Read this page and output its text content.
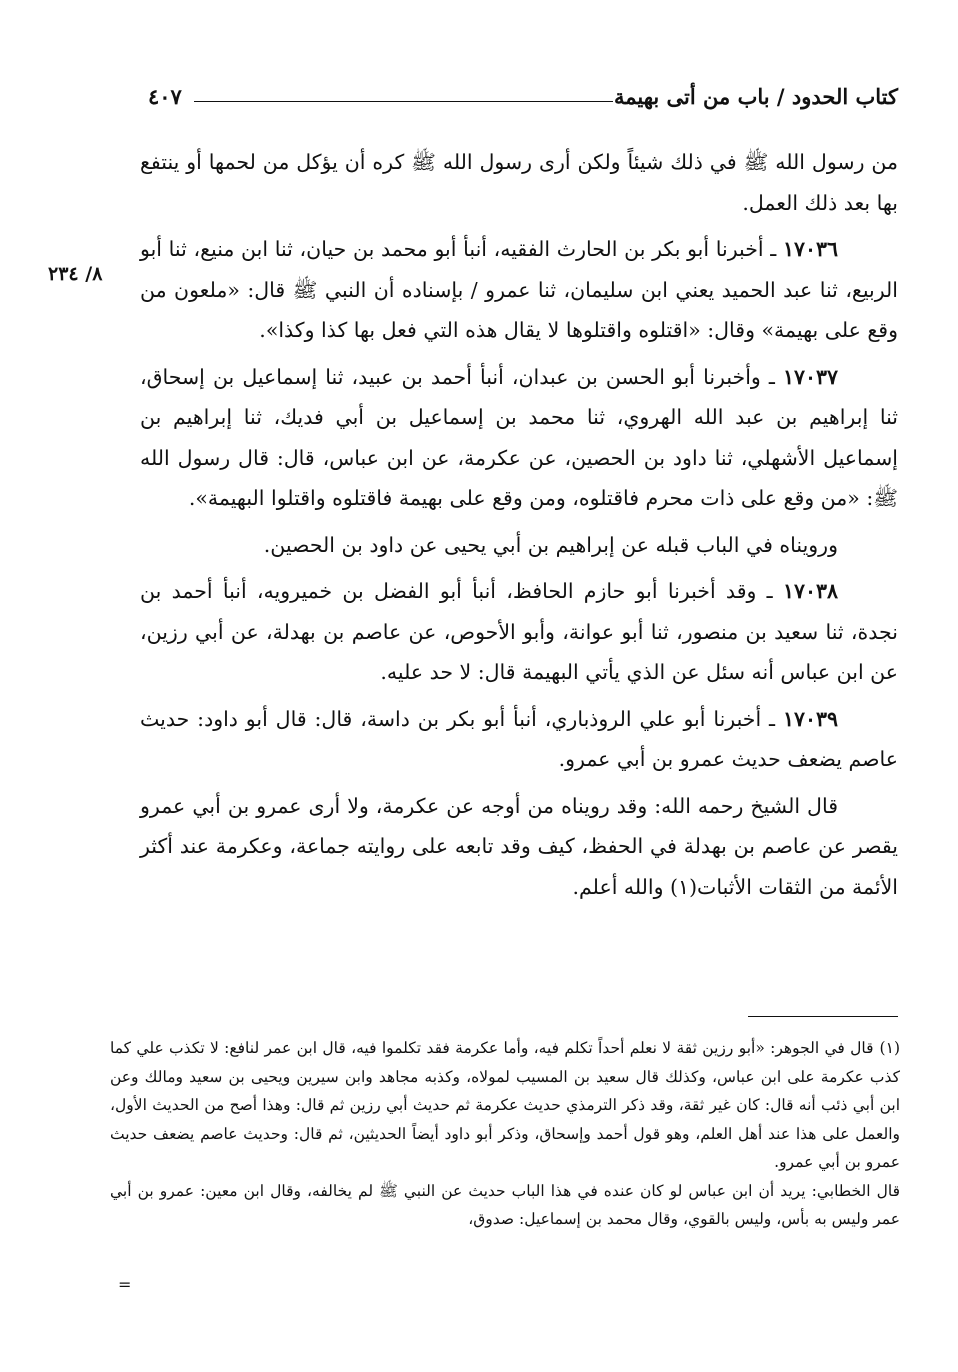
كتاب الحدود / باب من أتى بهيمة
٤٠٧
٨/ ٢٣٤

من رسول الله ﷺ في ذلك شيئاً ولكن أرى رسول الله ﷺ كره أن يؤكل من لحمها أو ينتفع بها بعد ذلك العمل.

١٧٠٣٦ ـ أخبرنا أبو بكر بن الحارث الفقيه، أنبأ أبو محمد بن حيان، ثنا ابن منيع، ثنا أبو الربيع، ثنا عبد الحميد يعني ابن سليمان، ثنا عمرو / بإسناده أن النبي ﷺ قال: «ملعون من وقع على بهيمة» وقال: «اقتلوه واقتلوها لا يقال هذه التي فعل بها كذا وكذا».

١٧٠٣٧ ـ وأخبرنا أبو الحسن بن عبدان، أنبأ أحمد بن عبيد، ثنا إسماعيل بن إسحاق، ثنا إبراهيم بن عبد الله الهروي، ثنا محمد بن إسماعيل بن أبي فديك، ثنا إبراهيم بن إسماعيل الأشهلي، ثنا داود بن الحصين، عن عكرمة، عن ابن عباس، قال: قال رسول الله ﷺ: «من وقع على ذات محرم فاقتلوه، ومن وقع على بهيمة فاقتلوه واقتلوا البهيمة».

ورويناه في الباب قبله عن إبراهيم بن أبي يحيى عن داود بن الحصين.

١٧٠٣٨ ـ وقد أخبرنا أبو حازم الحافظ، أنبأ أبو الفضل بن خميرويه، أنبأ أحمد بن نجدة، ثنا سعيد بن منصور، ثنا أبو عوانة، وأبو الأحوص، عن عاصم بن بهدلة، عن أبي رزين، عن ابن عباس أنه سئل عن الذي يأتي البهيمة قال: لا حد عليه.

١٧٠٣٩ ـ أخبرنا أبو علي الروذباري، أنبأ أبو بكر بن داسة، قال: قال أبو داود: حديث عاصم يضعف حديث عمرو بن أبي عمرو.

قال الشيخ رحمه الله: وقد رويناه من أوجه عن عكرمة، ولا أرى عمرو بن أبي عمرو يقصر عن عاصم بن بهدلة في الحفظ، كيف وقد تابعه على روايته جماعة، وعكرمة عند أكثر الأئمة من الثقات الأثبات(١) والله أعلم.

(١)قال في الجوهر: «أبو رزين ثقة لا نعلم أحداً تكلم فيه، وأما عكرمة فقد تكلموا فيه، قال ابن عمر لنافع: لا تكذب علي كما كذب عكرمة على ابن عباس، وكذلك قال سعيد بن المسيب لمولاه، وكذبه مجاهد وابن سيرين ويحيى بن سعيد ومالك وعن ابن أبي ذئب أنه قال: كان غير ثقة، وقد ذكر الترمذي حديث عكرمة ثم حديث أبي رزين ثم قال: وهذا أصح من الحديث الأول، والعمل على هذا عند أهل العلم، وهو قول أحمد وإسحاق، وذكر أبو داود أيضاً الحديثين، ثم قال: وحديث عاصم يضعف حديث عمرو بن أبي عمرو.

قال الخطابي: يريد أن ابن عباس لو كان عنده في هذا الباب حديث عن النبي ﷺ لم يخالفه، وقال ابن معين: عمرو بن أبي عمر وليس به بأس، وليس بالقوي، وقال محمد بن إسماعيل: صدوق،

=
